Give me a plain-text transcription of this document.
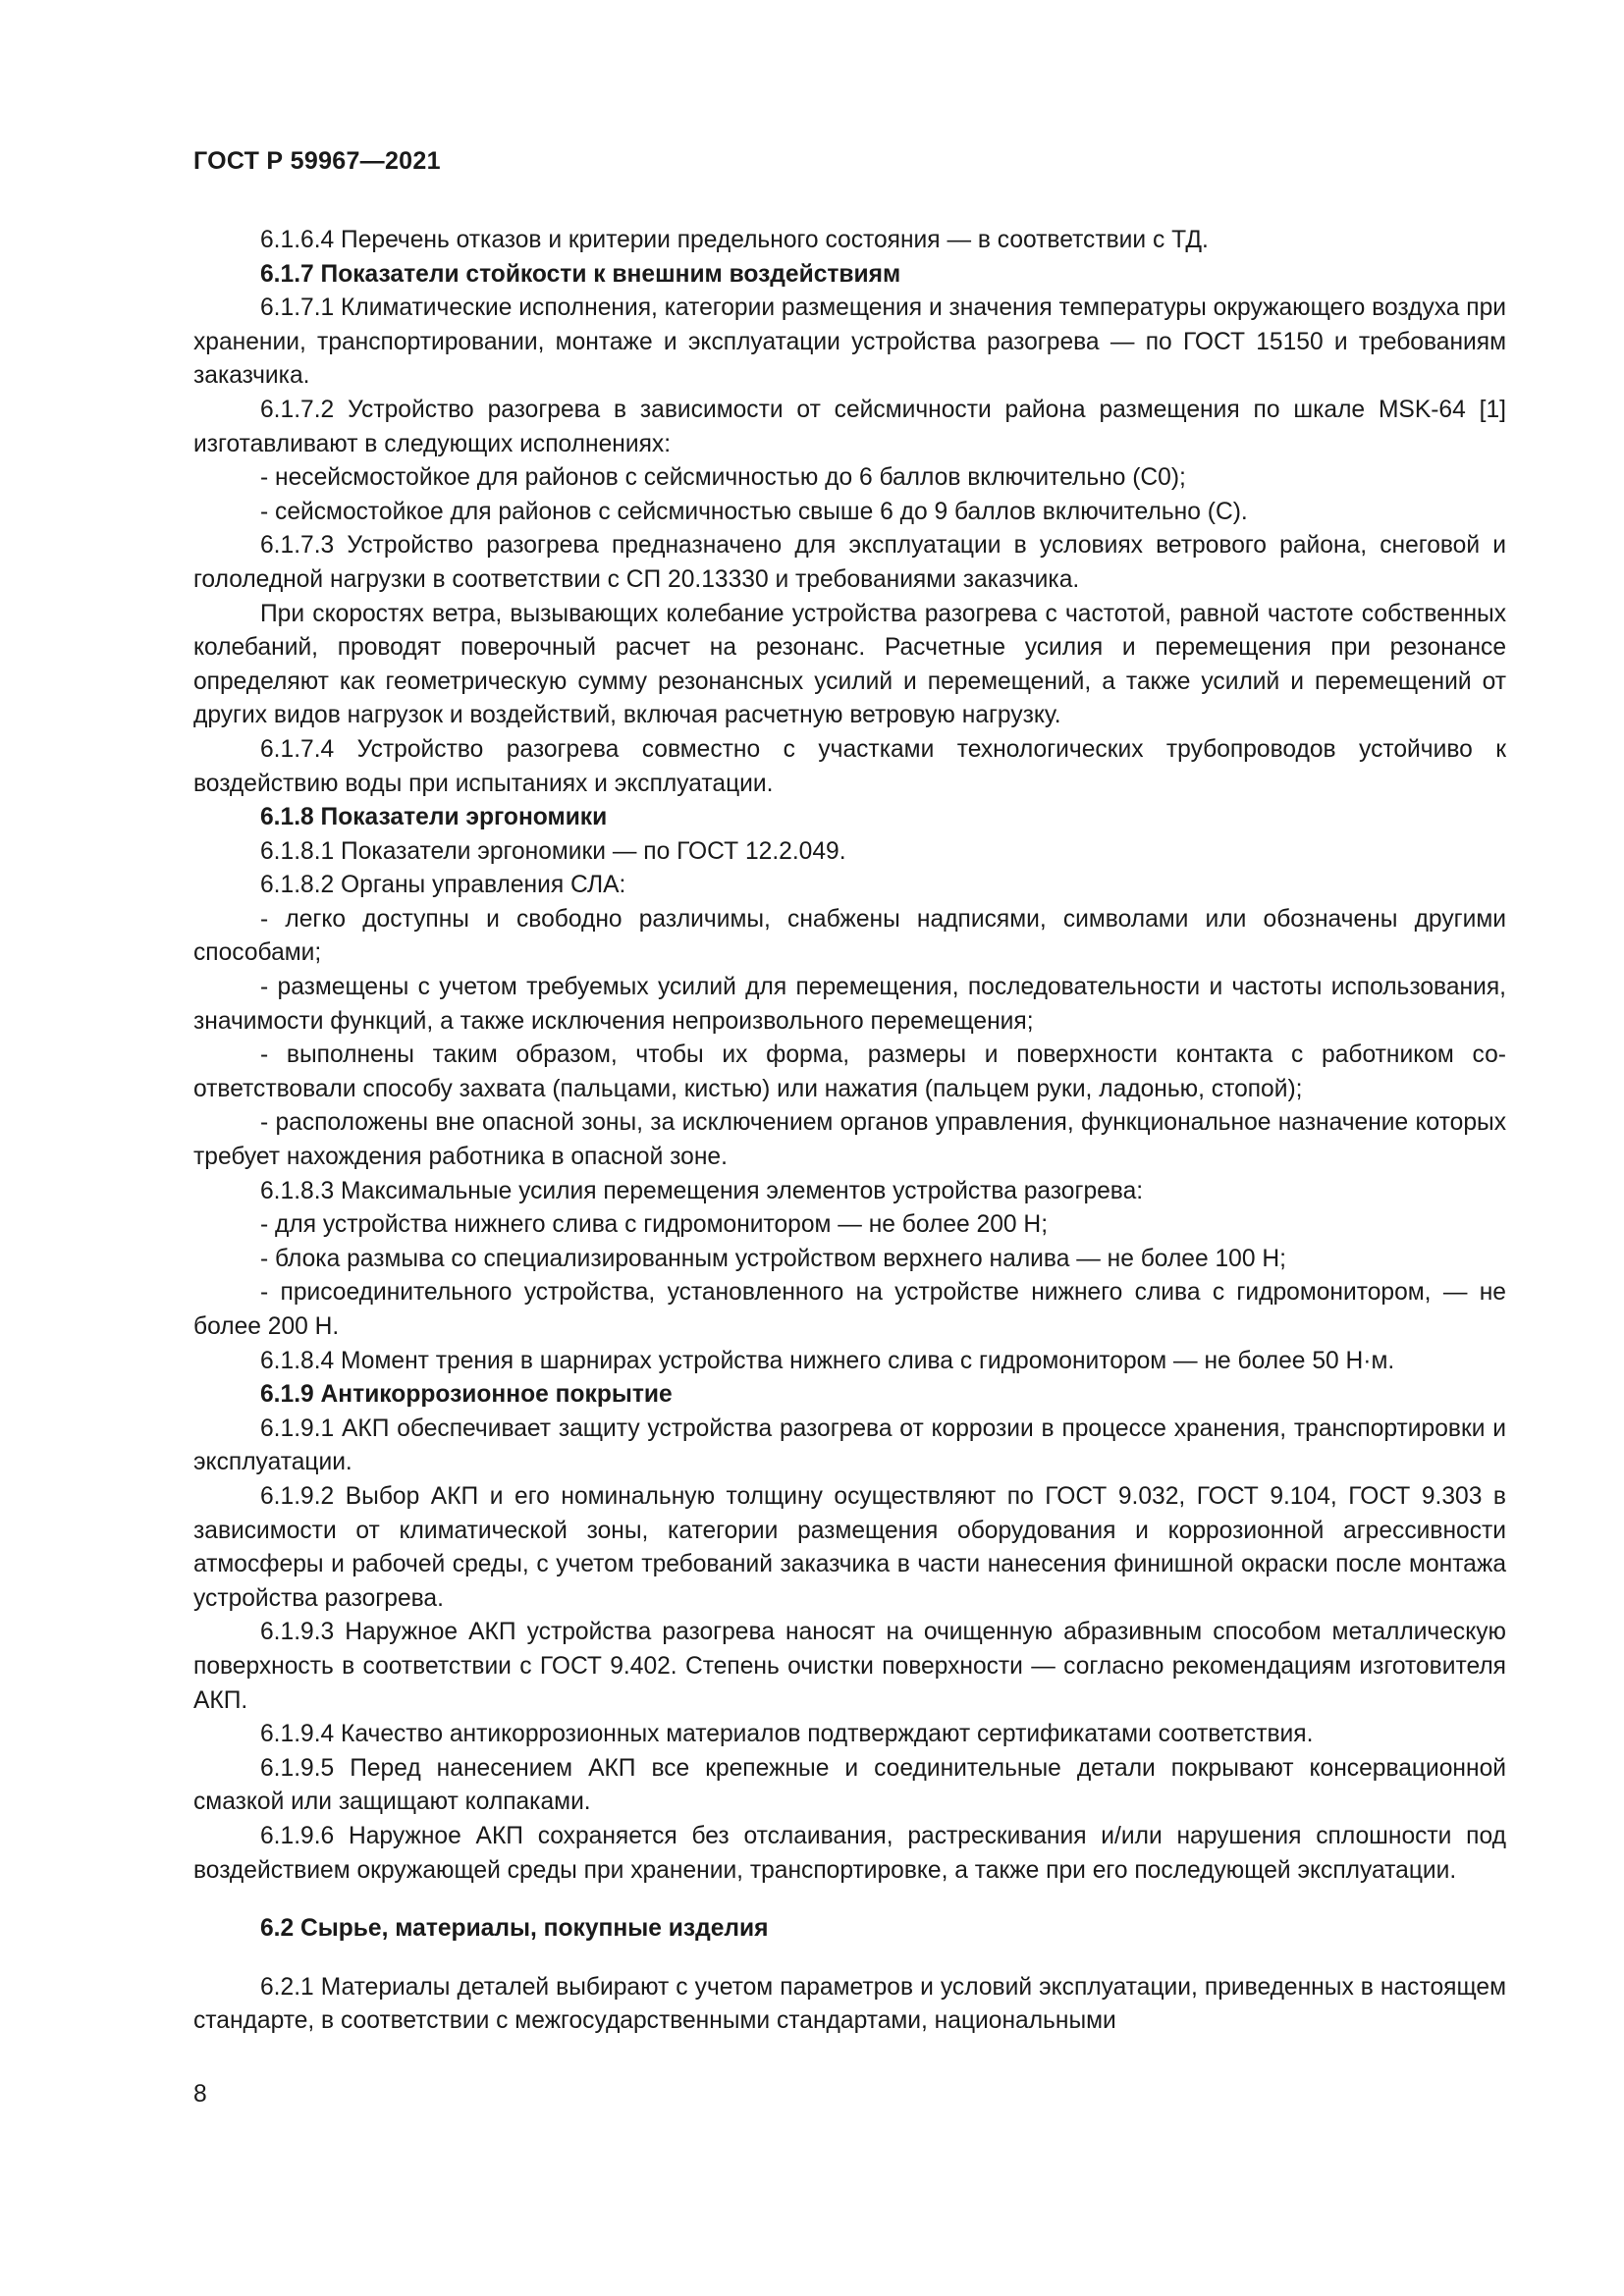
ГОСТ Р 59967—2021

6.1.6.4 Перечень отказов и критерии предельного состояния — в соответствии с ТД.

6.1.7 Показатели стойкости к внешним воздействиям

6.1.7.1 Климатические исполнения, категории размещения и значения температуры окружающего воздуха при хранении, транспортировании, монтаже и эксплуатации устройства разогрева — по ГОСТ 15150 и требованиям заказчика.

6.1.7.2 Устройство разогрева в зависимости от сейсмичности района размещения по шкале MSK-64 [1] изготавливают в следующих исполнениях:

- несейсмостойкое для районов с сейсмичностью до 6 баллов включительно (С0);

- сейсмостойкое для районов с сейсмичностью свыше 6 до 9 баллов включительно (С).

6.1.7.3 Устройство разогрева предназначено для эксплуатации в условиях ветрового района, снеговой и гололедной нагрузки в соответствии с СП 20.13330 и требованиями заказчика.

При скоростях ветра, вызывающих колебание устройства разогрева с частотой, равной частоте собственных колебаний, проводят поверочный расчет на резонанс. Расчетные усилия и перемещения при резонансе определяют как геометрическую сумму резонансных усилий и перемещений, а также усилий и перемещений от других видов нагрузок и воздействий, включая расчетную ветровую нагрузку.

6.1.7.4 Устройство разогрева совместно с участками технологических трубопроводов устойчиво к воздействию воды при испытаниях и эксплуатации.

6.1.8 Показатели эргономики

6.1.8.1 Показатели эргономики — по ГОСТ 12.2.049.

6.1.8.2 Органы управления СЛА:

- легко доступны и свободно различимы, снабжены надписями, символами или обозначены другими способами;

- размещены с учетом требуемых усилий для перемещения, последовательности и частоты использования, значимости функций, а также исключения непроизвольного перемещения;

- выполнены таким образом, чтобы их форма, размеры и поверхности контакта с работником соответствовали способу захвата (пальцами, кистью) или нажатия (пальцем руки, ладонью, стопой);

- расположены вне опасной зоны, за исключением органов управления, функциональное назначение которых требует нахождения работника в опасной зоне.

6.1.8.3 Максимальные усилия перемещения элементов устройства разогрева:

- для устройства нижнего слива с гидромонитором — не более 200 Н;

- блока размыва со специализированным устройством верхнего налива — не более 100 Н;

- присоединительного устройства, установленного на устройстве нижнего слива с гидромонитором, — не более 200 Н.

6.1.8.4 Момент трения в шарнирах устройства нижнего слива с гидромонитором — не более 50 Н·м.

6.1.9 Антикоррозионное покрытие

6.1.9.1 АКП обеспечивает защиту устройства разогрева от коррозии в процессе хранения, транспортировки и эксплуатации.

6.1.9.2 Выбор АКП и его номинальную толщину осуществляют по ГОСТ 9.032, ГОСТ 9.104, ГОСТ 9.303 в зависимости от климатической зоны, категории размещения оборудования и коррозионной агрессивности атмосферы и рабочей среды, с учетом требований заказчика в части нанесения финишной окраски после монтажа устройства разогрева.

6.1.9.3 Наружное АКП устройства разогрева наносят на очищенную абразивным способом металлическую поверхность в соответствии с ГОСТ 9.402. Степень очистки поверхности — согласно рекомендациям изготовителя АКП.

6.1.9.4 Качество антикоррозионных материалов подтверждают сертификатами соответствия.

6.1.9.5 Перед нанесением АКП все крепежные и соединительные детали покрывают консервационной смазкой или защищают колпаками.

6.1.9.6 Наружное АКП сохраняется без отслаивания, растрескивания и/или нарушения сплошности под воздействием окружающей среды при хранении, транспортировке, а также при его последующей эксплуатации.

6.2 Сырье, материалы, покупные изделия

6.2.1 Материалы деталей выбирают с учетом параметров и условий эксплуатации, приведенных в настоящем стандарте, в соответствии с межгосударственными стандартами, национальными

8
